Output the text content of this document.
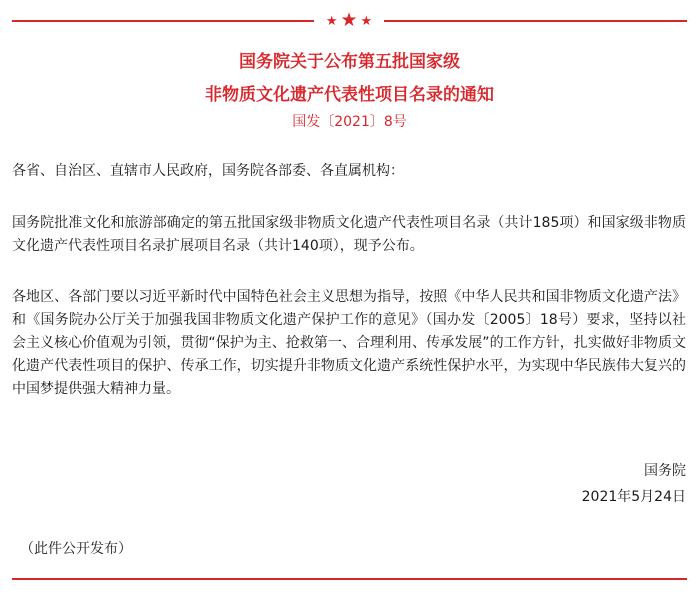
★ ★ ★
国务院关于公布第五批国家级
非物质文化遗产代表性项目名录的通知
国发〔2021〕8号

各省、自治区、直辖市人民政府，国务院各部委、各直属机构：

国务院批准文化和旅游部确定的第五批国家级非物质文化遗产代表性项目名录（共计185项）和国家级非物质文化遗产代表性项目名录扩展项目名录（共计140项），现予公布。

各地区、各部门要以习近平新时代中国特色社会主义思想为指导，按照《中华人民共和国非物质文化遗产法》和《国务院办公厅关于加强我国非物质文化遗产保护工作的意见》（国办发〔2005〕18号）要求，坚持以社会主义核心价值观为引领，贯彻“保护为主、抢救第一、合理利用、传承发展”的工作方针，扎实做好非物质文化遗产代表性项目的保护、传承工作，切实提升非物质文化遗产系统性保护水平，为实现中华民族伟大复兴的中国梦提供强大精神力量。

国务院
2021年5月24日
（此件公开发布）
